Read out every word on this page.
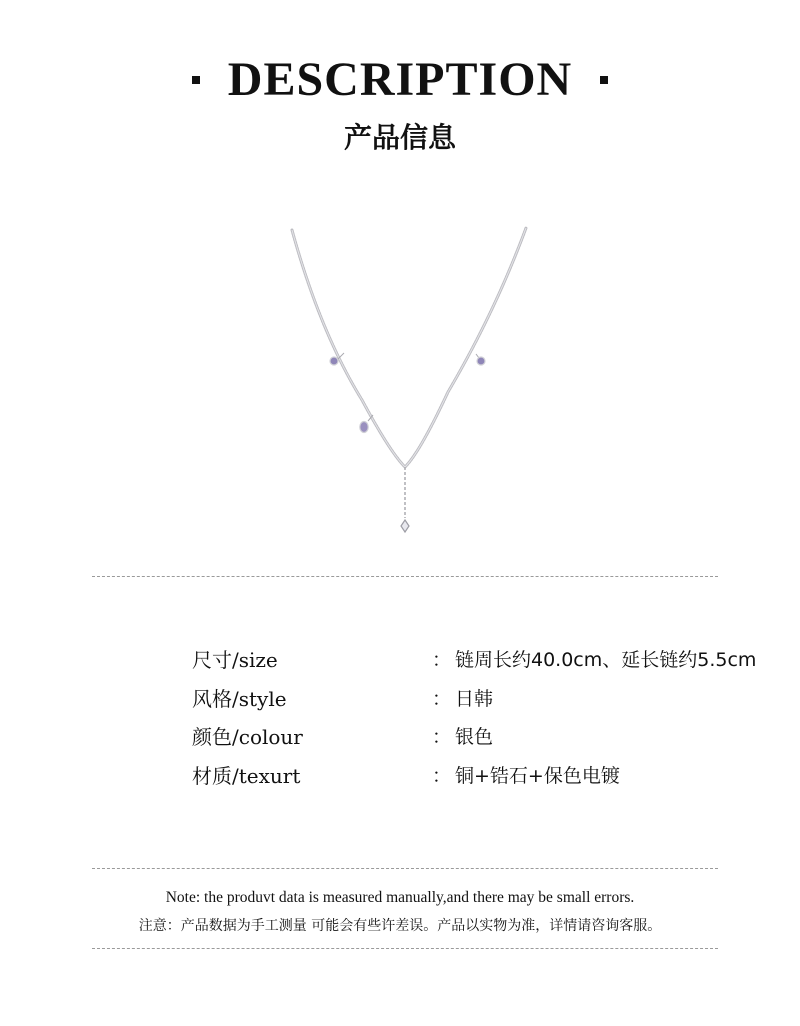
DESCRIPTION
产品信息
尺寸/size	： 链周长约40.0cm、延长链约5.5cm
风格/style	： 日韩
颜色/colour	： 银色
材质/texurt	： 铜+锆石+保色电镀
Note: the produvt data is measured manually,and there may be small errors.
注意：产品数据为手工测量 可能会有些许差误。产品以实物为准，详情请咨询客服。
